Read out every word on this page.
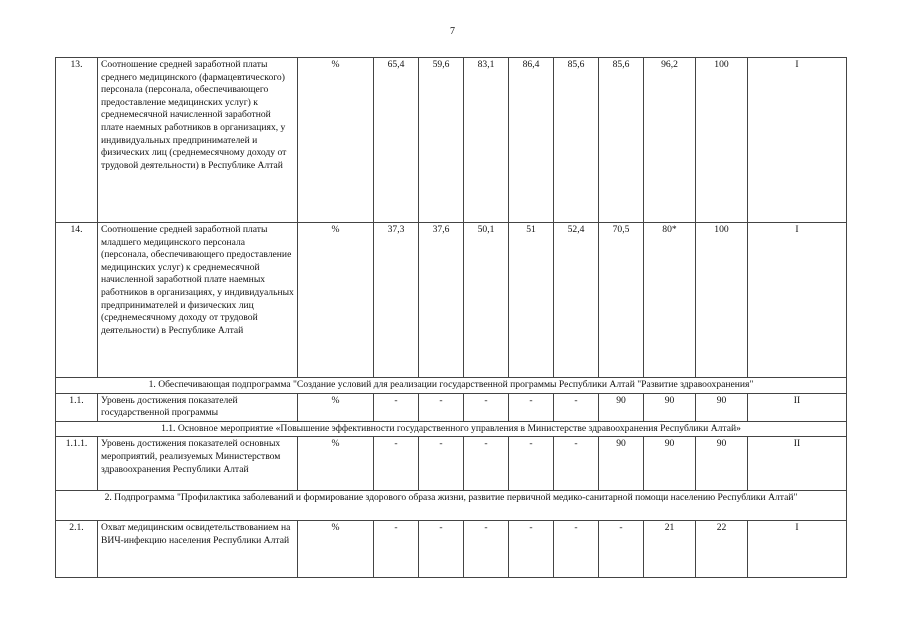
7
13.	Соотношение средней заработной платы среднего медицинского (фармацевтического) персонала (персонала, обеспечивающего предоставление медицинских услуг) к среднемесячной начисленной заработной плате наемных работников в организациях, у индивидуальных предпринимателей и физических лиц (среднемесячному доходу от трудовой деятельности) в Республике Алтай	%	65,4	59,6	83,1	86,4	85,6	85,6	96,2	100	I
14.	Соотношение средней заработной платы младшего медицинского персонала (персонала, обеспечивающего предоставление медицинских услуг) к среднемесячной начисленной заработной плате наемных работников в организациях, у индивидуальных предпринимателей и физических лиц (среднемесячному доходу от трудовой деятельности) в Республике Алтай	%	37,3	37,6	50,1	51	52,4	70,5	80*	100	I
1. Обеспечивающая подпрограмма "Создание условий для реализации государственной программы Республики Алтай "Развитие здравоохранения"											
1.1.	Уровень достижения показателей государственной программы	%	-	-	-	-	-	90	90	90	II
1.1. Основное мероприятие «Повышение эффективности государственного управления в Министерстве здравоохранения Республики Алтай»											
1.1.1.	Уровень достижения показателей основных мероприятий, реализуемых Министерством здравоохранения Республики Алтай	%	-	-	-	-	-	90	90	90	II
2. Подпрограмма "Профилактика заболеваний и формирование здорового образа жизни, развитие первичной медико-санитарной помощи населению Республики Алтай"											
2.1.	Охват медицинским освидетельствованием на ВИЧ-инфекцию населения Республики Алтай	%	-	-	-	-	-	-	21	22	I
